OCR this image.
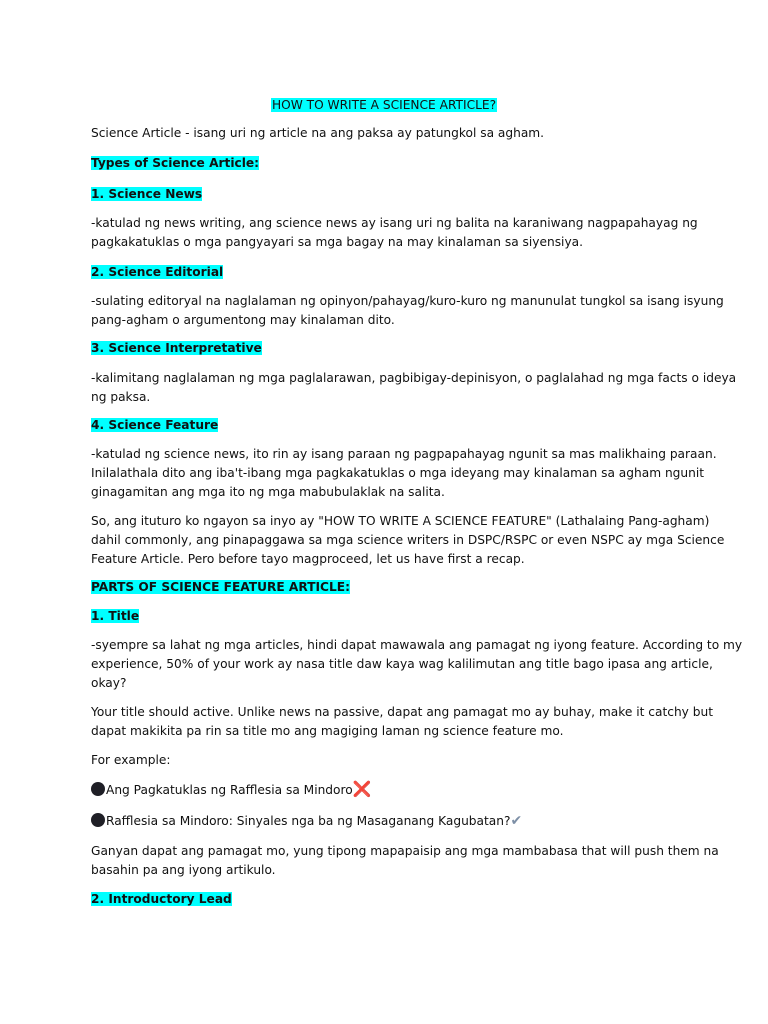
HOW TO WRITE A SCIENCE ARTICLE?
Science Article - isang uri ng article na ang paksa ay patungkol sa agham.
Types of Science Article:
1. Science News
-katulad ng news writing, ang science news ay isang uri ng balita na karaniwang nagpapahayag ng
pagkakatuklas o mga pangyayari sa mga bagay na may kinalaman sa siyensiya.
2. Science Editorial
-sulating editoryal na naglalaman ng opinyon/pahayag/kuro-kuro ng manunulat tungkol sa isang isyung
pang-agham o argumentong may kinalaman dito.
3. Science Interpretative
-kalimitang naglalaman ng mga paglalarawan, pagbibigay-depinisyon, o paglalahad ng mga facts o ideya
ng paksa.
4. Science Feature
-katulad ng science news, ito rin ay isang paraan ng pagpapahayag ngunit sa mas malikhaing paraan.
Inilalathala dito ang iba't-ibang mga pagkakatuklas o mga ideyang may kinalaman sa agham ngunit
ginagamitan ang mga ito ng mga mabubulaklak na salita.
So, ang ituturo ko ngayon sa inyo ay "HOW TO WRITE A SCIENCE FEATURE" (Lathalaing Pang-agham)
dahil commonly, ang pinapaggawa sa mga science writers in DSPC/RSPC or even NSPC ay mga Science
Feature Article. Pero before tayo magproceed, let us have first a recap.
PARTS OF SCIENCE FEATURE ARTICLE:
1. Title
-syempre sa lahat ng mga articles, hindi dapat mawawala ang pamagat ng iyong feature. According to my
experience, 50% of your work ay nasa title daw kaya wag kalilimutan ang title bago ipasa ang article,
okay?
Your title should active. Unlike news na passive, dapat ang pamagat mo ay buhay, make it catchy but
dapat makikita pa rin sa title mo ang magiging laman ng science feature mo.
For example:
Ang Pagkatuklas ng Rafflesia sa Mindoro❌
Rafflesia sa Mindoro: Sinyales nga ba ng Masaganang Kagubatan?✔
Ganyan dapat ang pamagat mo, yung tipong mapapaisip ang mga mambabasa that will push them na
basahin pa ang iyong artikulo.
2. Introductory Lead
